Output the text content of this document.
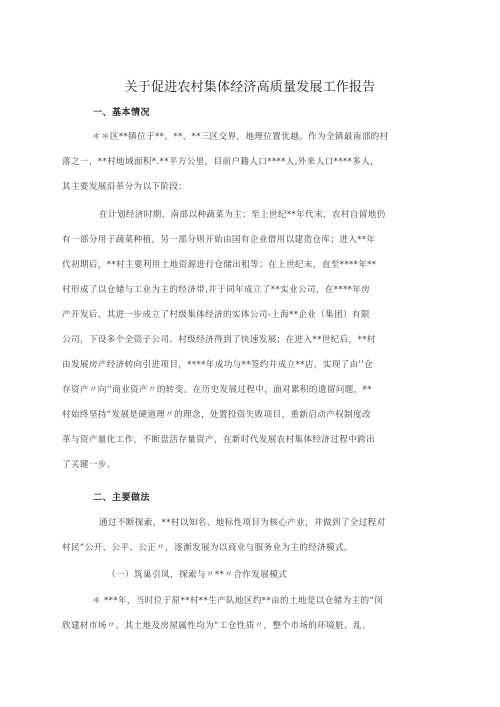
关于促进农村集体经济高质量发展工作报告
一、基本情况
＊＊区**镇位于**、**、**三区交界，地理位置优越。作为全镇最南部的村
落之一，**村地域面积*.**平方公里，目前户籍人口****人,外来人口****多人，
其主要发展沿革分为以下阶段：
在计划经济时期，南部以种蔬菜为主；至上世纪**年代末，农村自留地仍
有一部分用于蔬菜种植，另一部分则开始由国有企业借用以建造仓库；进入**年
代初期后，**村主要利用土地资源进行仓储出租等；在上世纪末，直至****年**
村形成了以仓储与工业为主的经济带,并于同年成立了**实业公司，在****年房
产开发后，其进一步成立了村级集体经济的实体公司-上海**企业（集团）有限
公司，下设多个全资子公司。村级经济得到了快速发展；在进入**世纪后，**村
由发展房产经济转向引进项目，****年成功与**签约并成立**店，实现了由''仓
存资产〃向''商业资产〃的转变。在历史发展过程中，面对累积的遗留问题，**
村始终坚持“发展是硬道理〃的理念，处置投资失败项目，重新启动产权制度改
革与资产量化工作，不断盘活存量资产，在新时代发展农村集体经济过程中跨出
了关键一步。
二、主要做法
通过不断探索，**村以知名、地标性项目为核心产业，并做到了全过程对
村民“公开、公平、公正〃，逐渐发展为以商业与服务业为主的经济模式。
（一）筑巢引凤，探索与〃**〃合作发展模式
＊ ***年，当时位于原**村**生产队地区约**亩的土地是以仓储为主的“闵
欣建材市场〃，其土地及房屋属性均为“工仓性质〃，整个市场的环境脏、乱、
